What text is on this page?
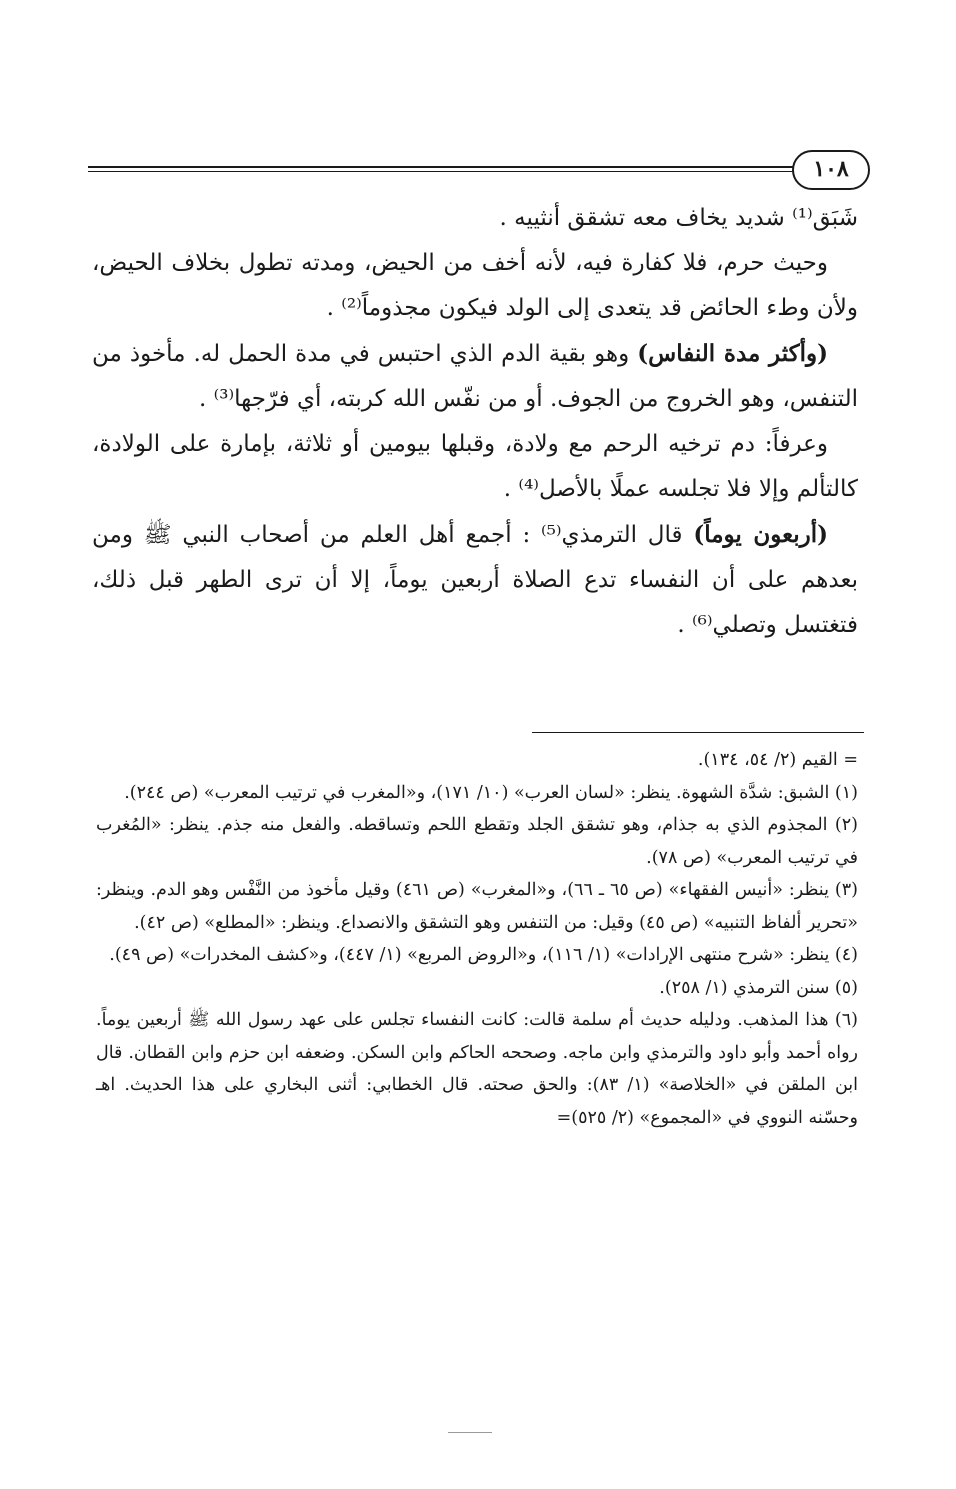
١٠٨

شَبَق⁽¹⁾ شديد يخاف معه تشقق أنثييه .

وحيث حرم، فلا كفارة فيه، لأنه أخف من الحيض، ومدته تطول بخلاف الحيض، ولأن وطء الحائض قد يتعدى إلى الولد فيكون مجذوماً⁽²⁾ .

(وأكثر مدة النفاس) وهو بقية الدم الذي احتبس في مدة الحمل له. مأخوذ من التنفس، وهو الخروج من الجوف. أو من نفّس الله كربته، أي فرّجها⁽³⁾ .

وعرفاً: دم ترخيه الرحم مع ولادة، وقبلها بيومين أو ثلاثة، بإمارة على الولادة، كالتألم وإلا فلا تجلسه عملًا بالأصل⁽⁴⁾ .

(أربعون يوماً) قال الترمذي⁽⁵⁾ : أجمع أهل العلم من أصحاب النبي ﷺ ومن بعدهم على أن النفساء تدع الصلاة أربعين يوماً، إلا أن ترى الطهر قبل ذلك، فتغتسل وتصلي⁽⁶⁾ .

= القيم (٢/ ٥٤، ١٣٤).

(١) الشبق: شدَّة الشهوة. ينظر: «لسان العرب» (١٠/ ١٧١)، و«المغرب في ترتيب المعرب» (ص ٢٤٤).

(٢) المجذوم الذي به جذام، وهو تشقق الجلد وتقطع اللحم وتساقطه. والفعل منه جذم. ينظر: «المُغرب في ترتيب المعرب» (ص ٧٨).

(٣) ينظر: «أنيس الفقهاء» (ص ٦٥ ـ ٦٦)، و«المغرب» (ص ٤٦١) وقيل مأخوذ من النَّفْس وهو الدم. وينظر: «تحرير ألفاظ التنبيه» (ص ٤٥) وقيل: من التنفس وهو التشقق والانصداع. وينظر: «المطلع» (ص ٤٢).

(٤) ينظر: «شرح منتهى الإرادات» (١/ ١١٦)، و«الروض المربع» (١/ ٤٤٧)، و«كشف المخدرات» (ص ٤٩).

(٥) سنن الترمذي (١/ ٢٥٨).

(٦) هذا المذهب. ودليله حديث أم سلمة قالت: كانت النفساء تجلس على عهد رسول الله ﷺ أربعين يوماً. رواه أحمد وأبو داود والترمذي وابن ماجه. وصححه الحاكم وابن السكن. وضعفه ابن حزم وابن القطان. قال ابن الملقن في «الخلاصة» (١/ ٨٣): والحق صحته. قال الخطابي: أثنى البخاري على هذا الحديث. اهـ وحسّنه النووي في «المجموع» (٢/ ٥٢٥)=
